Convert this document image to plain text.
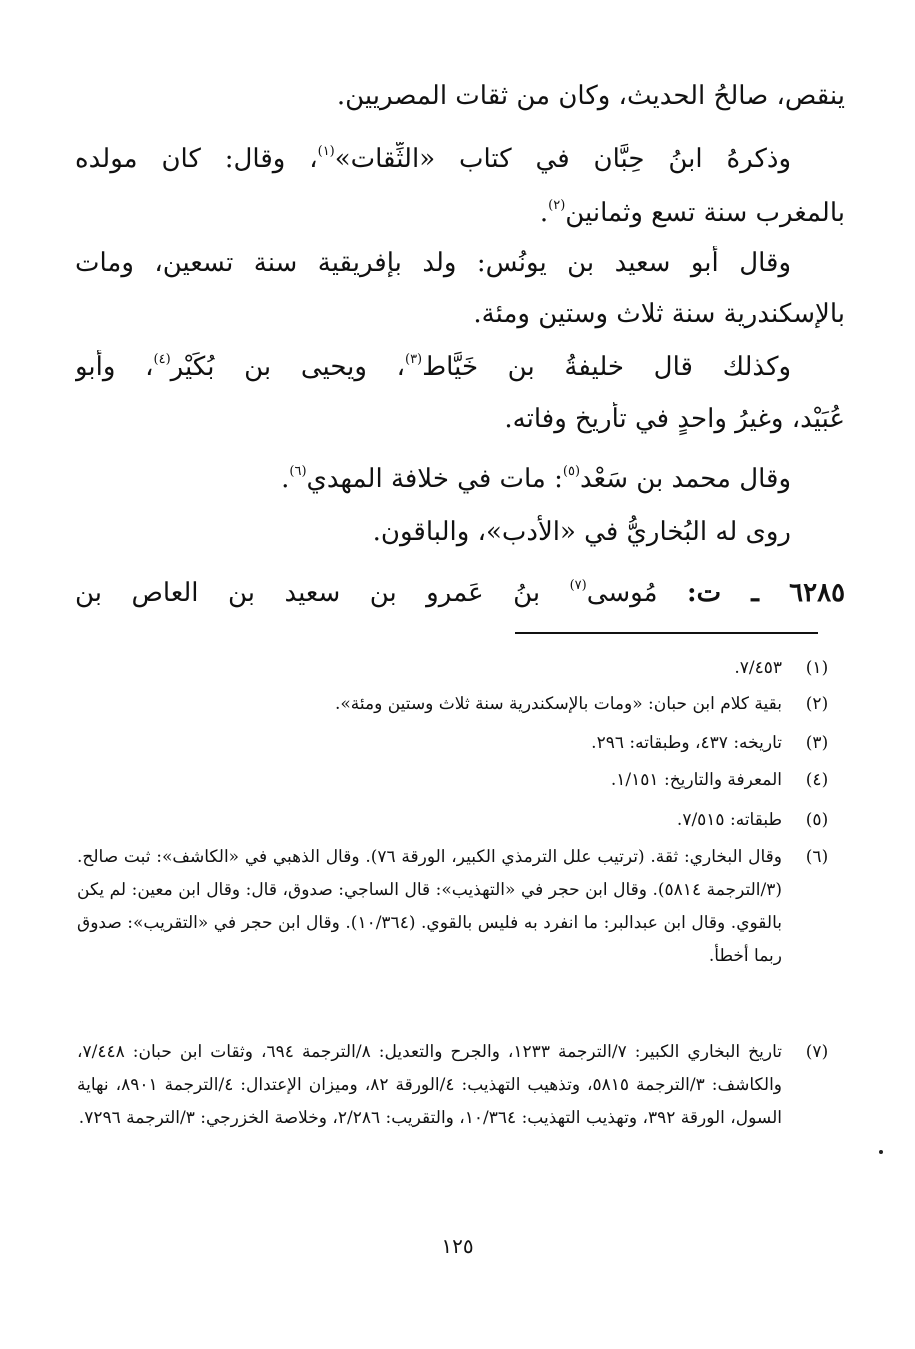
ينقص، صالحُ الحديث، وكان من ثقات المصريين.
وذكرهُ ابنُ حِبَّان في كتاب «الثِّقات»$^{(١)}$، وقال: كان مولده
بالمغرب سنة تسع وثمانين$^{(٢)}$.
وقال أبو سعيد بن يونُس: ولد بإفريقية سنة تسعين، ومات
بالإسكندرية سنة ثلاث وستين ومئة.
وكذلك قال خليفةُ بن خَيَّاط$^{(٣)}$، ويحيى بن بُكَيْر$^{(٤)}$، وأبو
عُبَيْد، وغيرُ واحدٍ في تأريخ وفاته.
وقال محمد بن سَعْد$^{(٥)}$: مات في خلافة المهدي$^{(٦)}$.
روى له البُخاريُّ في «الأدب»، والباقون.
٦٢٨٥ ـ ت: مُوسى$^{(٧)}$ بنُ عَمرو بن سعيد بن العاص بن
(١)
٧/٤٥٣.
(٢)
بقية كلام ابن حبان: «ومات بالإسكندرية سنة ثلاث وستين ومئة».
(٣)
تاريخه: ٤٣٧، وطبقاته: ٢٩٦.
(٤)
المعرفة والتاريخ: ١/١٥١.
(٥)
طبقاته: ٧/٥١٥.
(٦)
وقال البخاري: ثقة. (ترتيب علل الترمذي الكبير، الورقة ٧٦). وقال الذهبي في «الكاشف»: ثبت صالح. (٣/الترجمة ٥٨١٤). وقال ابن حجر في «التهذيب»: قال الساجي: صدوق، قال: وقال ابن معين: لم يكن بالقوي. وقال ابن عبدالبر: ما انفرد به فليس بالقوي. (١٠/٣٦٤). وقال ابن حجر في «التقريب»: صدوق ربما أخطأ.
(٧)
تاريخ البخاري الكبير: ٧/الترجمة ١٢٣٣، والجرح والتعديل: ٨/الترجمة ٦٩٤، وثقات ابن حبان: ٧/٤٤٨، والكاشف: ٣/الترجمة ٥٨١٥، وتذهيب التهذيب: ٤/الورقة ٨٢، وميزان الإعتدال: ٤/الترجمة ٨٩٠١، نهاية السول، الورقة ٣٩٢، وتهذيب التهذيب: ١٠/٣٦٤، والتقريب: ٢/٢٨٦، وخلاصة الخزرجي: ٣/الترجمة ٧٢٩٦.
١٢٥
